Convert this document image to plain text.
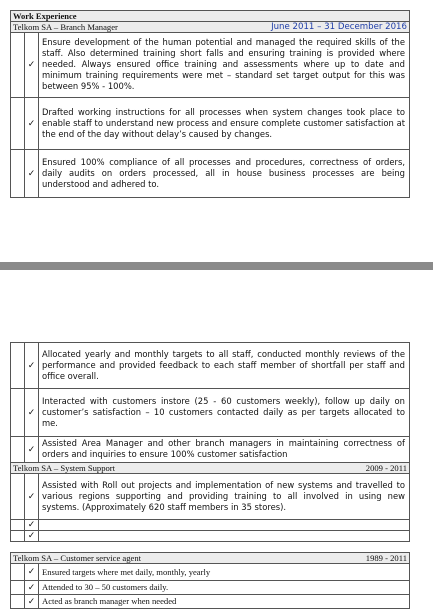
Work Experience		
Telkom SA – Branch Manager June 2011 – 31 December 2016		

	✓	Ensure development of the human potential and managed the required skills of the staff. Also determined training short falls and ensuring training is provided where needed. Always ensured office training and assessments where up to date and minimum training requirements were met – standard set target output for this was between 95% - 100%.
	✓	Drafted working instructions for all processes when system changes took place to enable staff to understand new process and ensure complete customer satisfaction at the end of the day without delay’s caused by changes.
	✓	Ensured 100% compliance of all processes and procedures, correctness of orders, daily audits on orders processed, all in house business processes are being understood and adhered to.
	✓	Allocated yearly and monthly targets to all staff, conducted monthly reviews of the performance and provided feedback to each staff member of shortfall per staff and office overall.
	✓	Interacted with customers instore (25 - 60 customers weekly), follow up daily on customer’s satisfaction – 10 customers contacted daily as per targets allocated to me.
	✓	Assisted Area Manager and other branch managers in maintaining correctness of orders and inquiries to ensure 100% customer satisfaction
Telkom SA – System Support 2009 - 2011		

	✓	Assisted with Roll out projects and implementation of new systems and travelled to various regions supporting and providing training to all involved in using new systems. (Approximately 620 staff members in 35 stores).
	✓	
	✓	

Telkom SA – Customer service agent 1989 - 2011		

	✓	Ensured targets where met daily, monthly, yearly
	✓	Attended to 30 – 50 customers daily.
	✓	Acted as branch manager when needed
